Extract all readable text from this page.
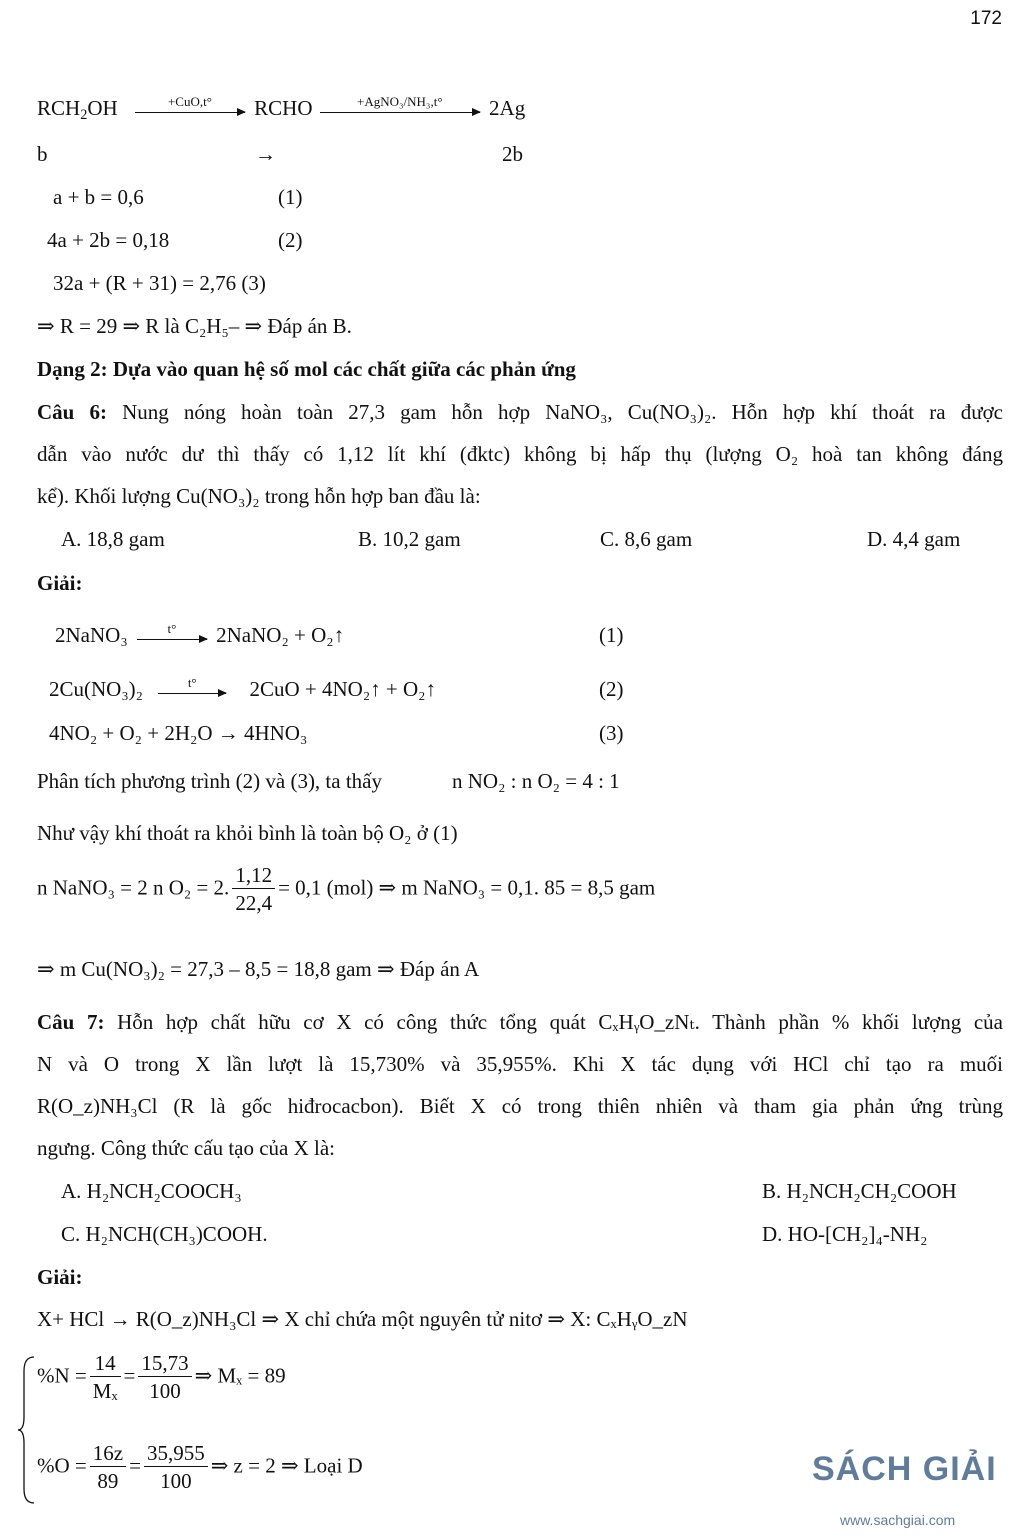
172
$RCH_2OH$	+CuO,t°	RCHO	+AgNO₃/NH₃,t°	2Ag
b	→	2b
a + b = 0,6	(1)
4a + 2b = 0,18	(2)
32a + (R + 31) = 2,76 (3)
⇒ R = 29 ⇒ R là C₂H₅– ⇒ Đáp án B.
Dạng 2: Dựa vào quan hệ số mol các chất giữa các phản ứng
Câu 6: Nung nóng hoàn toàn 27,3 gam hỗn hợp NaNO₃, Cu(NO₃)₂. Hỗn hợp khí thoát ra được
dẫn vào nước dư thì thấy có 1,12 lít khí (đktc) không bị hấp thụ (lượng O₂ hoà tan không đáng
kể). Khối lượng Cu(NO₃)₂ trong hỗn hợp ban đầu là:
A. 18,8 gam	B. 10,2 gam	C. 8,6 gam	D. 4,4 gam
Giải:
2NaNO₃	t°	2NaNO₂ + O₂↑	(1)
2Cu(NO₃)₂	t°	2CuO + 4NO₂↑ + O₂↑	(2)
4NO₂ + O₂ + 2H₂O → 4HNO₃	(3)
Phân tích phương trình (2) và (3), ta thấy	n NO₂ : n O₂ = 4 : 1
Như vậy khí thoát ra khỏi bình là toàn bộ O₂ ở (1)
n NaNO₃ = 2 n O₂ = 2. $\frac{1,12}{22,4} = 0,1$ (mol) ⇒ m NaNO₃ = 0,1. 85 = 8,5 gam
⇒ m Cu(NO₃)₂ = 27,3 – 8,5 = 18,8 gam ⇒ Đáp án A
Câu 7: Hỗn hợp chất hữu cơ X có công thức tổng quát CₓHᵧO_zNₜ. Thành phần % khối lượng của
N và O trong X lần lượt là 15,730% và 35,955%. Khi X tác dụng với HCl chỉ tạo ra muối
R(O_z)NH₃Cl (R là gốc hiđrocacbon). Biết X có trong thiên nhiên và tham gia phản ứng trùng
ngưng. Công thức cấu tạo của X là:
A. H₂NCH₂COOCH₃	B. H₂NCH₂CH₂COOH
C. H₂NCH(CH₃)COOH.	D. HO-[CH₂]₄-NH₂
Giải:
X+ HCl → R(O_z)NH₃Cl ⇒ X chỉ chứa một nguyên tử nitơ ⇒ X: CₓHᵧO_zN
$\%N = \frac{14}{\text{Mₓ}} = \frac{15,73}{100}$ ⇒ Mₓ = 89
$\%O = \frac{16z}{89} = \frac{35,955}{100}$ ⇒ z = 2 ⇒ Loại D	SÁCH GIẢI
www.sachgiai.com
